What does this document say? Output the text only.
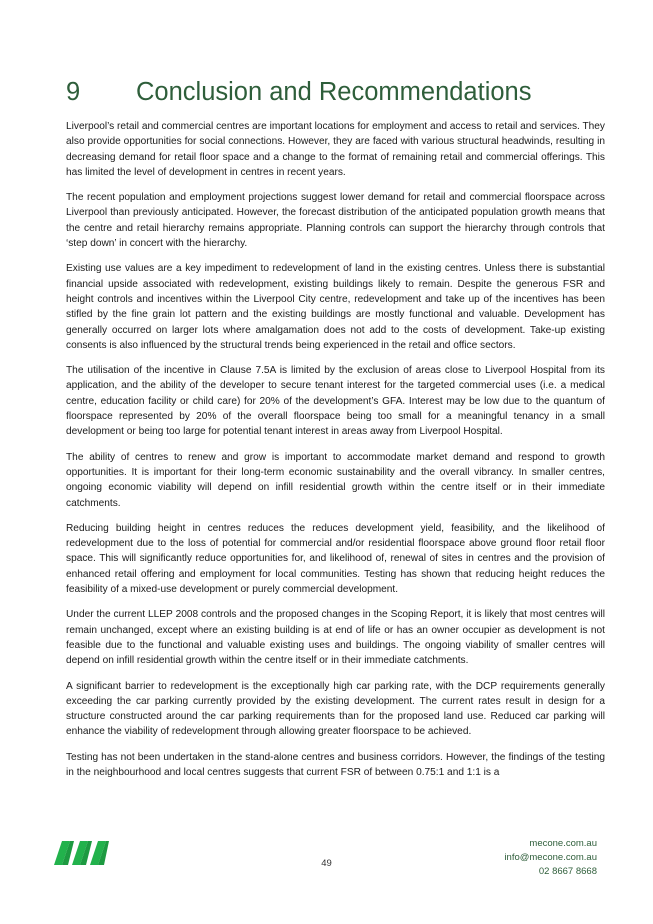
9 Conclusion and Recommendations

Liverpool’s retail and commercial centres are important locations for employment and access to retail and services. They also provide opportunities for social connections. However, they are faced with various structural headwinds, resulting in decreasing demand for retail floor space and a change to the format of remaining retail and commercial offerings. This has limited the level of development in centres in recent years.

The recent population and employment projections suggest lower demand for retail and commercial floorspace across Liverpool than previously anticipated. However, the forecast distribution of the anticipated population growth means that the centre and retail hierarchy remains appropriate. Planning controls can support the hierarchy through controls that ‘step down’ in concert with the hierarchy.

Existing use values are a key impediment to redevelopment of land in the existing centres. Unless there is substantial financial upside associated with redevelopment, existing buildings likely to remain. Despite the generous FSR and height controls and incentives within the Liverpool City centre, redevelopment and take up of the incentives has been stifled by the fine grain lot pattern and the existing buildings are mostly functional and valuable. Development has generally occurred on larger lots where amalgamation does not add to the costs of development. Take-up existing consents is also influenced by the structural trends being experienced in the retail and office sectors.

The utilisation of the incentive in Clause 7.5A is limited by the exclusion of areas close to Liverpool Hospital from its application, and the ability of the developer to secure tenant interest for the targeted commercial uses (i.e. a medical centre, education facility or child care) for 20% of the development’s GFA. Interest may be low due to the quantum of floorspace represented by 20% of the overall floorspace being too small for a meaningful tenancy in a small development or being too large for potential tenant interest in areas away from Liverpool Hospital.

The ability of centres to renew and grow is important to accommodate market demand and respond to growth opportunities. It is important for their long-term economic sustainability and the overall vibrancy. In smaller centres, ongoing economic viability will depend on infill residential growth within the centre itself or in their immediate catchments.

Reducing building height in centres reduces the reduces development yield, feasibility, and the likelihood of redevelopment due to the loss of potential for commercial and/or residential floorspace above ground floor retail floor space. This will significantly reduce opportunities for, and likelihood of, renewal of sites in centres and the provision of enhanced retail offering and employment for local communities. Testing has shown that reducing height reduces the feasibility of a mixed-use development or purely commercial development.

Under the current LLEP 2008 controls and the proposed changes in the Scoping Report, it is likely that most centres will remain unchanged, except where an existing building is at end of life or has an owner occupier as development is not feasible due to the functional and valuable existing uses and buildings. The ongoing viability of smaller centres will depend on infill residential growth within the centre itself or in their immediate catchments.

A significant barrier to redevelopment is the exceptionally high car parking rate, with the DCP requirements generally exceeding the car parking currently provided by the existing development. The current rates result in design for a structure constructed around the car parking requirements than for the proposed land use. Reduced car parking will enhance the viability of redevelopment through allowing greater floorspace to be achieved.

Testing has not been undertaken in the stand-alone centres and business corridors. However, the findings of the testing in the neighbourhood and local centres suggests that current FSR of between 0.75:1 and 1:1 is a

49
mecone.com.au
info@mecone.com.au
02 8667 8668
